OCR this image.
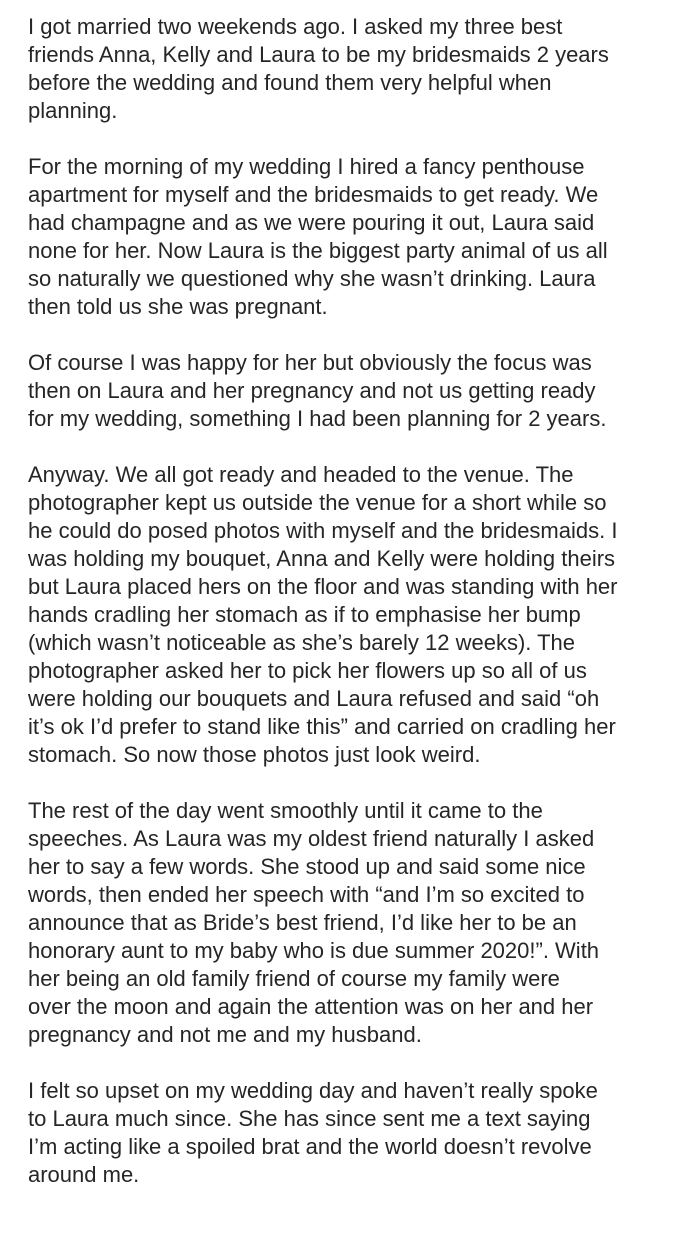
I got married two weekends ago. I asked my three best
friends Anna, Kelly and Laura to be my bridesmaids 2 years
before the wedding and found them very helpful when
planning.

For the morning of my wedding I hired a fancy penthouse
apartment for myself and the bridesmaids to get ready. We
had champagne and as we were pouring it out, Laura said
none for her. Now Laura is the biggest party animal of us all
so naturally we questioned why she wasn’t drinking. Laura
then told us she was pregnant.

Of course I was happy for her but obviously the focus was
then on Laura and her pregnancy and not us getting ready
for my wedding, something I had been planning for 2 years.

Anyway. We all got ready and headed to the venue. The
photographer kept us outside the venue for a short while so
he could do posed photos with myself and the bridesmaids. I
was holding my bouquet, Anna and Kelly were holding theirs
but Laura placed hers on the floor and was standing with her
hands cradling her stomach as if to emphasise her bump
(which wasn’t noticeable as she’s barely 12 weeks). The
photographer asked her to pick her flowers up so all of us
were holding our bouquets and Laura refused and said “oh
it’s ok I’d prefer to stand like this” and carried on cradling her
stomach. So now those photos just look weird.

The rest of the day went smoothly until it came to the
speeches. As Laura was my oldest friend naturally I asked
her to say a few words. She stood up and said some nice
words, then ended her speech with “and I’m so excited to
announce that as Bride’s best friend, I’d like her to be an
honorary aunt to my baby who is due summer 2020!”. With
her being an old family friend of course my family were
over the moon and again the attention was on her and her
pregnancy and not me and my husband.

I felt so upset on my wedding day and haven’t really spoke
to Laura much since. She has since sent me a text saying
I’m acting like a spoiled brat and the world doesn’t revolve
around me.
